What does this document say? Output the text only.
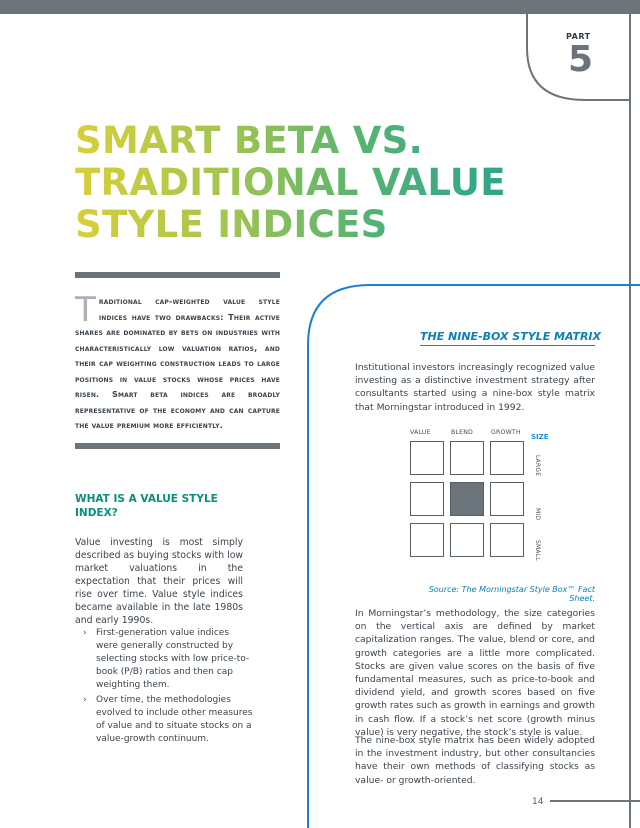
PART
5
SMART BETA VS.
TRADITIONAL VALUE
STYLE INDICES
Traditional cap-weighted value style indices have two drawbacks: Their active shares are dominated by bets on industries with characteristically low valuation ratios, and their cap weighting construction leads to large positions in value stocks whose prices have risen. Smart beta indices are broadly representative of the economy and can capture the value premium more efficiently.
WHAT IS A VALUE STYLE
INDEX?
Value investing is most simply described as buying stocks with low market valuations in the expectation that their prices will rise over time. Value style indices became available in the late 1980s and early 1990s.
›	First-generation value indices were generally constructed by selecting stocks with low price-to-book (P/B) ratios and then cap weighting them.
›	Over time, the methodologies evolved to include other measures of value and to situate stocks on a value-growth continuum.
THE NINE-BOX STYLE MATRIX
Institutional investors increasingly recognized value investing as a distinctive investment strategy after consultants started using a nine-box style matrix that Morningstar introduced in 1992.
VALUE	BLEND	GROWTH
SIZE
LARGE
MID
SMALL
Source: The Morningstar Style Box™ Fact Sheet.
In Morningstar’s methodology, the size categories on the vertical axis are defined by market capitalization ranges. The value, blend or core, and growth categories are a little more complicated. Stocks are given value scores on the basis of five fundamental measures, such as price-to-book and dividend yield, and growth scores based on five growth rates such as growth in earnings and growth in cash flow. If a stock’s net score (growth minus value) is very negative, the stock’s style is value.
The nine-box style matrix has been widely adopted in the investment industry, but other consultancies have their own methods of classifying stocks as value- or growth-oriented.
14
